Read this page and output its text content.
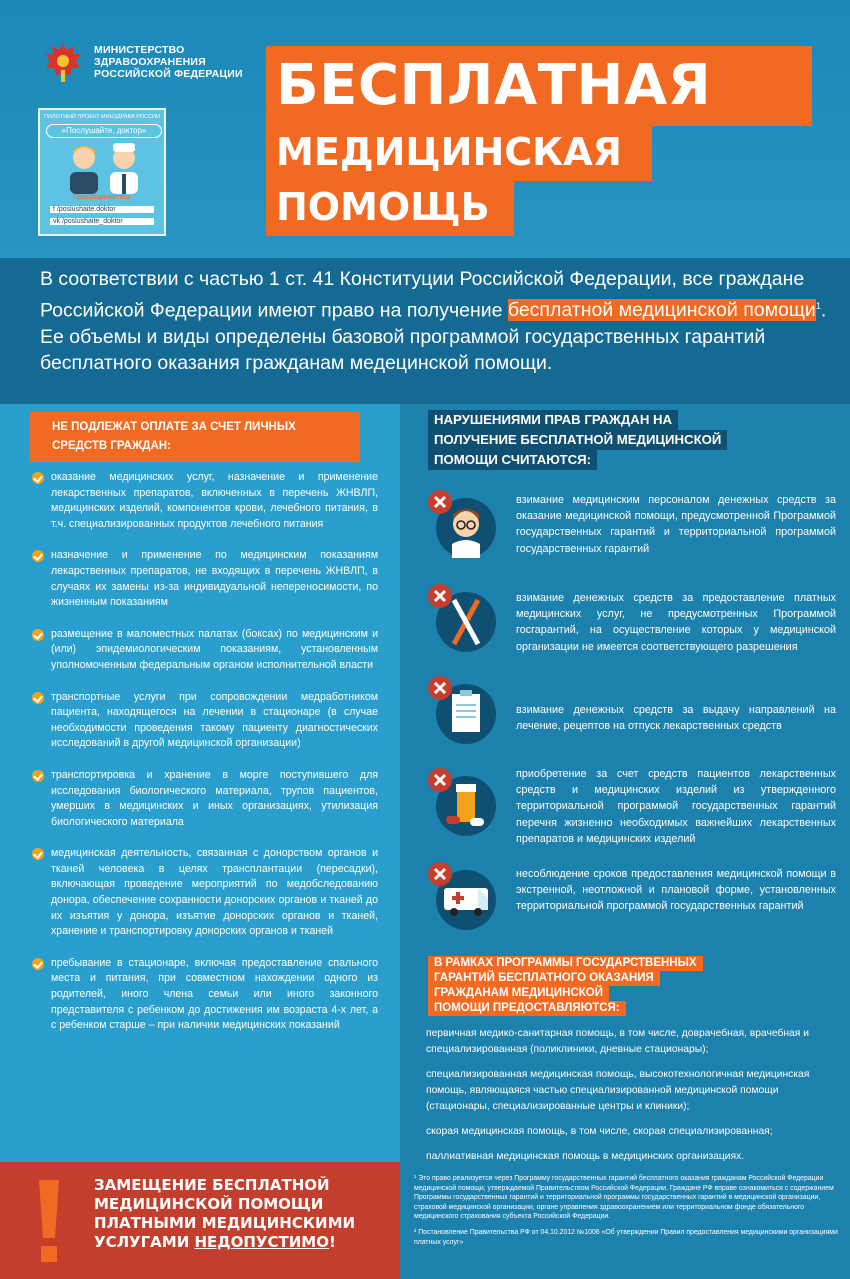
МИНИСТЕРСТВО
ЗДРАВООХРАНЕНИЯ
РОССИЙСКОЙ ФЕДЕРАЦИИ
ПИЛОТНЫЙ ПРОЕКТ МИНЗДРАВА РОССИИ
«Послушайте, доктор»
Присоединяйтесь
f /poslushaite.doktor
vk /poslushaite_doktor
БЕСПЛАТНАЯ
МЕДИЦИНСКАЯ
ПОМОЩЬ
В соответствии с частью 1 ст. 41 Конституции Российской Федерации, все граждане Российской Федерации имеют право на получение бесплатной медицинской помощи$^1$. Ее объемы и виды определены базовой программой государственных гарантий бесплатного оказания гражданам медецинской помощи.
НЕ ПОДЛЕЖАТ ОПЛАТЕ ЗА СЧЕТ ЛИЧНЫХ
СРЕДСТВ ГРАЖДАН:
оказание медицинских услуг, назначение и применение лекарственных препаратов, включенных в перечень ЖНВЛП, медицинских изделий, компонентов крови, лечебного питания, в т.ч. специализированных продуктов лечебного питания
назначение и применение по медицинским показаниям лекарственных препаратов, не входящих в перечень ЖНВЛП, в случаях их замены из-за индивидуальной непереносимости, по жизненным показаниям
размещение в маломестных палатах (боксах) по медицинским и (или) эпидемиологическим показаниям, установленным уполномоченным федеральным органом исполнительной власти
транспортные услуги при сопровождении медработником пациента, находящегося на лечении в стационаре (в случае необходимости проведения такому пациенту диагностических исследований в другой медицинской организации)
транспортировка и хранение в морге поступившего для исследования биологического материала, трупов пациентов, умерших в медицинских и иных организациях, утилизация биологического материала
медицинская деятельность, связанная с донорством органов и тканей человека в целях трансплантации (пересадки), включающая проведение мероприятий по медобследованию донора, обеспечение сохранности донорских органов и тканей до их изъятия у донора, изъятие донорских органов и тканей, хранение и транспортировку донорских органов и тканей
пребывание в стационаре, включая предоставление спального места и питания, при совместном нахождении одного из родителей, иного члена семьи или иного законного представителя с ребенком до достижения им возраста 4-х лет, а с ребенком старше – при наличии медицинских показаний
НАРУШЕНИЯМИ ПРАВ ГРАЖДАН НА
ПОЛУЧЕНИЕ БЕСПЛАТНОЙ МЕДИЦИНСКОЙ
ПОМОЩИ СЧИТАЮТСЯ:
взимание медицинским персоналом денежных средств за оказание медицинской помощи, предусмотренной Программой государственных гарантий и территориальной программой государственных гарантий
взимание денежных средств за предоставление платных медицинских услуг, не предусмотренных Программой госгарантий, на осуществление которых у медицинской организации не имеется соответствующего разрешения
взимание денежных средств за выдачу направлений на лечение, рецептов на отпуск лекарственных средств
приобретение за счет средств пациентов лекарственных средств и медицинских изделий из утвержденного территориальной программой государственных гарантий перечня жизненно необходимых важнейших лекарственных препаратов и медицинских изделий
несоблюдение сроков предоставления медицинской помощи в экстренной, неотложной и плановой форме, установленных территориальной программой государственных гарантий
В РАМКАХ ПРОГРАММЫ ГОСУДАРСТВЕННЫХ
ГАРАНТИЙ БЕСПЛАТНОГО ОКАЗАНИЯ
ГРАЖДАНАМ МЕДИЦИНСКОЙ
ПОМОЩИ ПРЕДОСТАВЛЯЮТСЯ:
первичная медико-санитарная помощь, в том числе, доврачебная, врачебная и специализированная (поликлиники, дневные стационары);
специализированная медицинская помощь, высокотехнологичная медицинская помощь, являющаяся частью специализированной медицинской помощи (стационары, специализированные центры и клиники);
скорая медицинская помощь, в том числе, скорая специализированная;
паллиативная медицинская помощь в медицинских организациях.
ЗАМЕЩЕНИЕ БЕСПЛАТНОЙ
МЕДИЦИНСКОЙ ПОМОЩИ
ПЛАТНЫМИ МЕДИЦИНСКИМИ
УСЛУГАМИ НЕДОПУСТИМО!
¹ Это право реализуется через Программу государственных гарантий бесплатного оказания гражданам Российской Федерации медицинской помощи, утверждаемой Правительством Российской Федерации. Граждане РФ вправе ознакомиться с содержанием Программы государственных гарантий и территориальной программы государственных гарантий в медицинской организации, страховой медицинской организации, органе управления здравоохранением или территориальном фонде обязательного медицинского страхования субъекта Российской Федерации.
² Постановление Правительства РФ от 04.10.2012 №1006 «Об утверждении Правил предоставления медицинскими организациями платных услуг»
